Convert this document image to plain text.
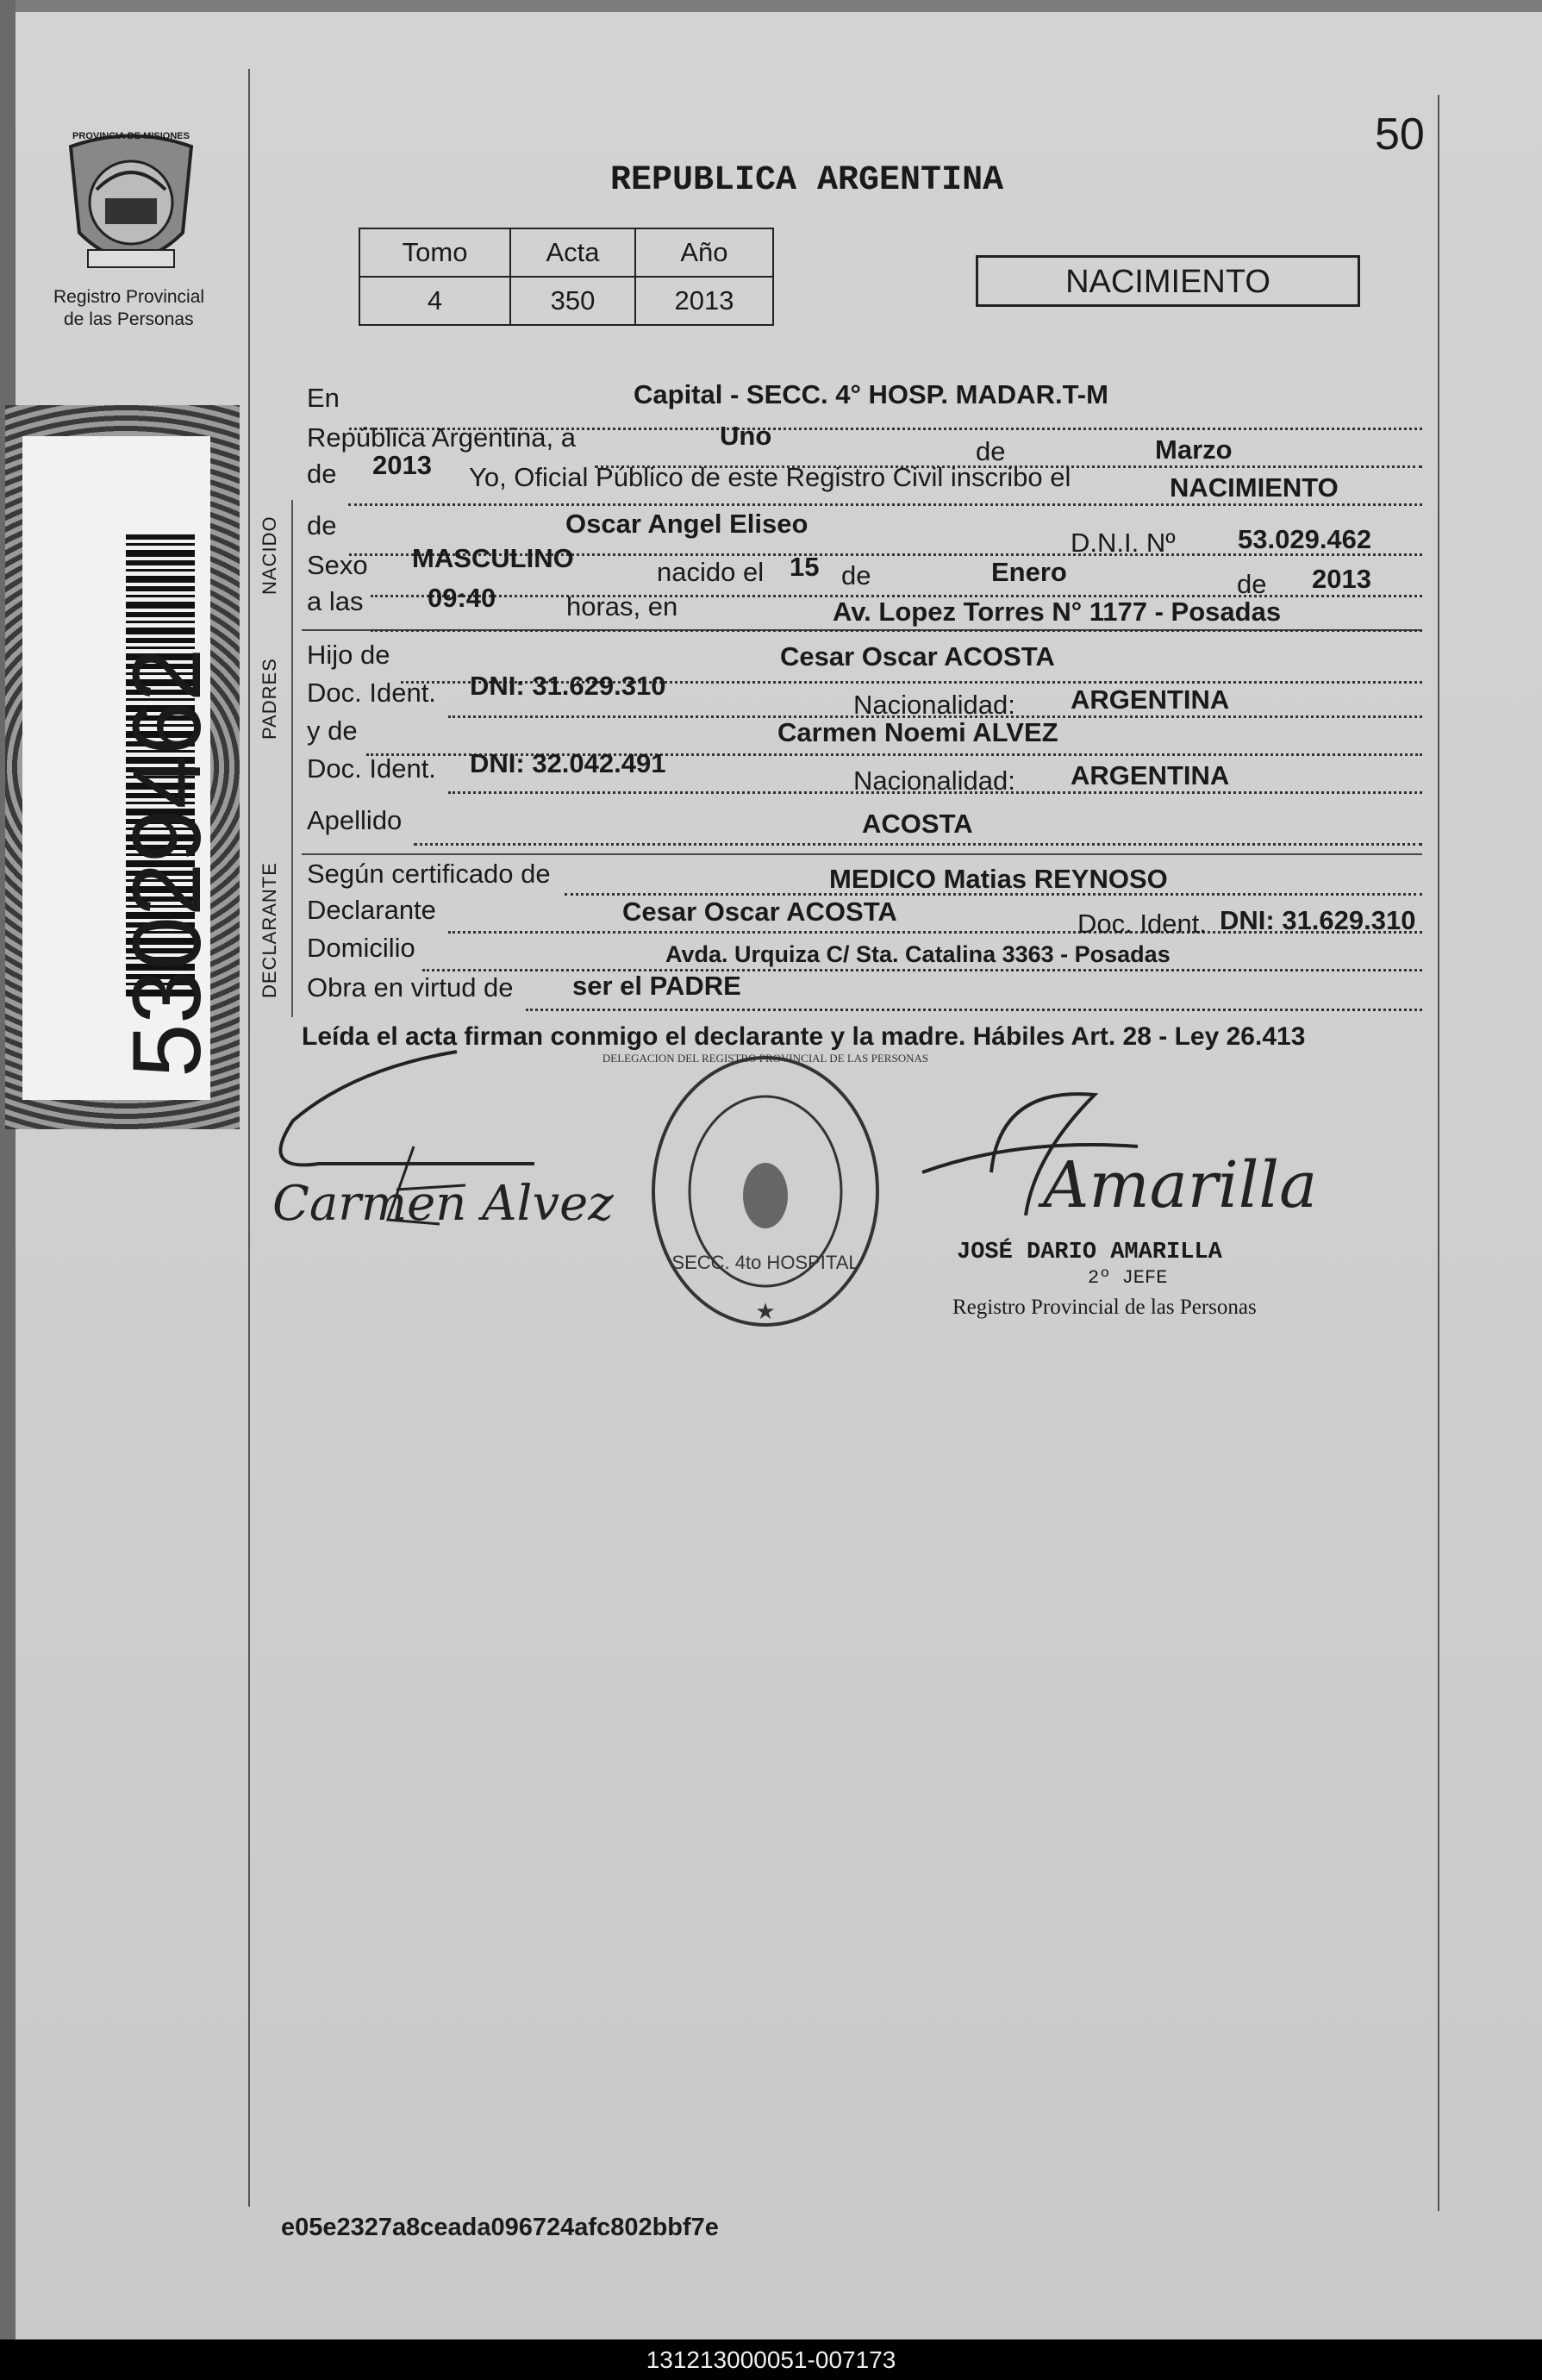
50
PROVINCIA DE MISIONES
Registro Provincial
de las Personas
53029462
REPUBLICA ARGENTINA
Tomo	Acta	Año
4	350	2013
NACIMIENTO
NACIDO
PADRES
DECLARANTE
En	Capital - SECC. 4° HOSP. MADAR.T-M
República Argentina, a	Uno
de	Marzo
de 2013 Yo, Oficial Público de este Registro Civil inscribo el	NACIMIENTO
de	Oscar Angel Eliseo
D.N.I. Nº 53.029.462
Sexo MASCULINO	nacido el 15 de	Enero	de 2013
a las 09:40	horas, en	Av. Lopez Torres N° 1177 - Posadas
Hijo de	Cesar Oscar ACOSTA
Doc. Ident. DNI: 31.629.310
Nacionalidad: ARGENTINA
y de	Carmen Noemi ALVEZ
Doc. Ident. DNI: 32.042.491
Nacionalidad: ARGENTINA
Apellido	ACOSTA
Según certificado de	MEDICO Matias REYNOSO
Declarante	Cesar Oscar ACOSTA	Doc. Ident. DNI: 31.629.310
Domicilio	Avda. Urquiza C/ Sta. Catalina 3363 - Posadas
Obra en virtud de ser el PADRE
Leída el acta firman conmigo el declarante y la madre. Hábiles Art. 28 - Ley 26.413
Carmen Alvez
DELEGACION DEL REGISTRO PROVINCIAL DE LAS PERSONAS
SECC. 4to HOSPITAL
★
Amarilla
JOSÉ DARIO AMARILLA
2º JEFE
Registro Provincial de las Personas
e05e2327a8ceada096724afc802bbf7e
131213000051-007173
